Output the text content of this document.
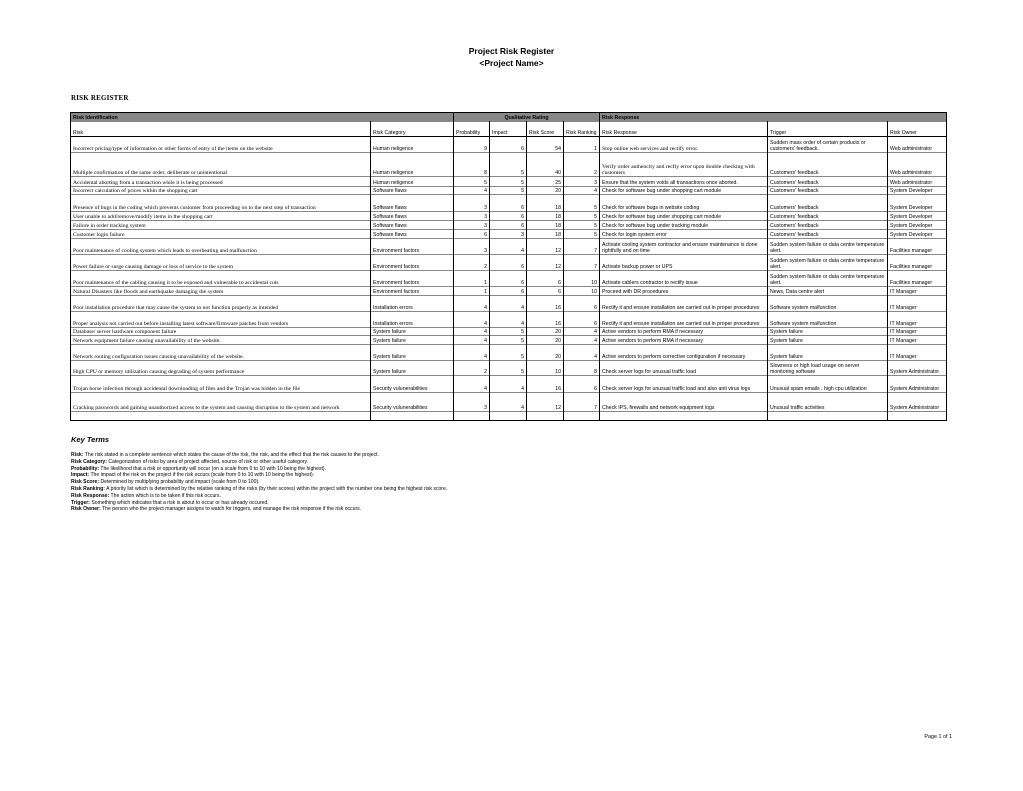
Project Risk Register
<Project Name>
RISK REGISTER
Risk Identification		Qualitative Rating				Risk Response		
Risk	Risk Category	Probability	Impact	Risk Score	Risk Ranking	Risk Response	Trigger	Risk Owner
Incorrect pricing/type of information or other forms of entry of the items on the website	Human neligence	9	6	54	1	Stop online web services and rectify error.	Sudden mass order of certain products or customers' feedback.	Web administrator
Multiple confirmation of the same order, deliberate or unintentional	Human neligence	8	5	40	2	Verify order authencity and recfiy error upon double checking with customers	Customers' feedback	Web administrator
Accidental aborting from a transaction while it is being processed	Human neligence	5	5	25	3	Ensure that the system voids all transactions once aborted.	Customers' feedback	Web administrator
Incorrect calculation of prices within the shopping cart	Software flaws	4	5	20	4	Check for software bug under shopping cart module	Customers' feedback	System Developer
Presence of bugs in the coding which prevents customer from proceeding on to the next step of transaction	Software flaws	3	6	18	5	Check for software bugs in website coding	Customers' feedback	System Developer
User unable to add/remove/modify items in the shopping cart	Software flaws	3	6	18	5	Check for software bug under shopping cart module	Customers' feedback	System Developer
Failure in order tracking system	Software flaws	3	6	18	5	Check for software bug under tracking module	Customers' feedback	System Developer
Customer login failure	Software flaws	6	3	18	5	Check for login system error	Customers' feedback	System Developer
Poor maintenance of cooling system which leads to overheating and malfunction	Environment factors	3	4	12	7	Activate cooling system contractor and ensure maintenance is done rightfully and on time	Sudden system failure or data centre temperature alert.	Facilities manager
Power failure or surge causing damage or loss of service to the system	Environment factors	2	6	12	7	Activate backup power or UPS	Sudden system failure or data centre temperature alert.	Facilities manager
Poor maintenance of the cabling causing it to be exposed and vulnerable to accidental cuts	Environment factors	1	6	6	10	Activate cablers contractor to rectify issue	Sudden system failure or data centre temperature alert.	Facilities manager
Natural Disasters like floods and earthquake damaging the system	Environment factors	1	6	6	10	Proceed with DR procedures	News, Data centre alert	IT Manager
Poor installation procedure that may cause the system to not function properly as intended	Installation errors	4	4	16	6	Rectify it and ensure installation are carried out in proper procedures	Software system malfunction	IT Manager
Proper analysis not carried out before installing latest software/firmware patches from vendors	Installation errors	4	4	16	6	Rectify it and ensure installation are carried out in proper procedures	Software system malfunction	IT Manager
Database/ server hardware component failure	System failure	4	5	20	4	Active vendors to perform RMA if necessary	System failure	IT Manager
Network equipment failure causing unavailability of the website.	System failure	4	5	20	4	Active vendors to perform RMA if necessary	System failure	IT Manager
Network routing configuration issues causing unavailability of the website.	System failure	4	5	20	4	Active vendors to perform corrective configuration if necessary	System failure	IT Manager
High CPU or memory utilization causing degrading of system performance	System failure	2	5	10	8	Check server logs for unusual traffic load	Slowness or high load usage on server monitoring software	System Administrator
Trojan horse infection through accidental downloading of files and the Trojan was hidden in the file	Security vulunerabilities	4	4	16	6	Check server logs for unusual traffic load and also anti virus logs	Unusual spam emails , high cpu utilization	System Administrator
Cracking passwords and gaining unauthorized access to the system and causing disruption to the system and network	Security vulunerabilities	3	4	12	7	Check IPS, firewalls and network equipment logs	Unusual traffic activities	System Administrator

Key Terms
Risk: The risk stated in a complete sentence which states the cause of the risk, the risk, and the effect that the risk causes to the project.
Risk Category: Categorization of risks by area of project affected, source of risk or other useful category.
Probability: The likelihood that a risk or opportunity will occur (on a scale from 0 to 10 with 10 being the highest).
Impact: The impact of the risk on the project if the risk occurs (scale from 0 to 10 with 10 being the highest).
Risk Score: Determined by multiplying probability and impact (scale from 0 to 100).
Risk Ranking: A priority list which is determined by the relative ranking of the risks (by their scores) within the project with the number one being the highest risk score.
Risk Response: The action which is to be taken if this risk occurs.
Trigger: Something which indicates that a risk is about to occur or has already occured.
Risk Owner: The person who the project manager assigns to watch for triggers, and manage the risk response if the risk occurs.
Page 1 of 1
